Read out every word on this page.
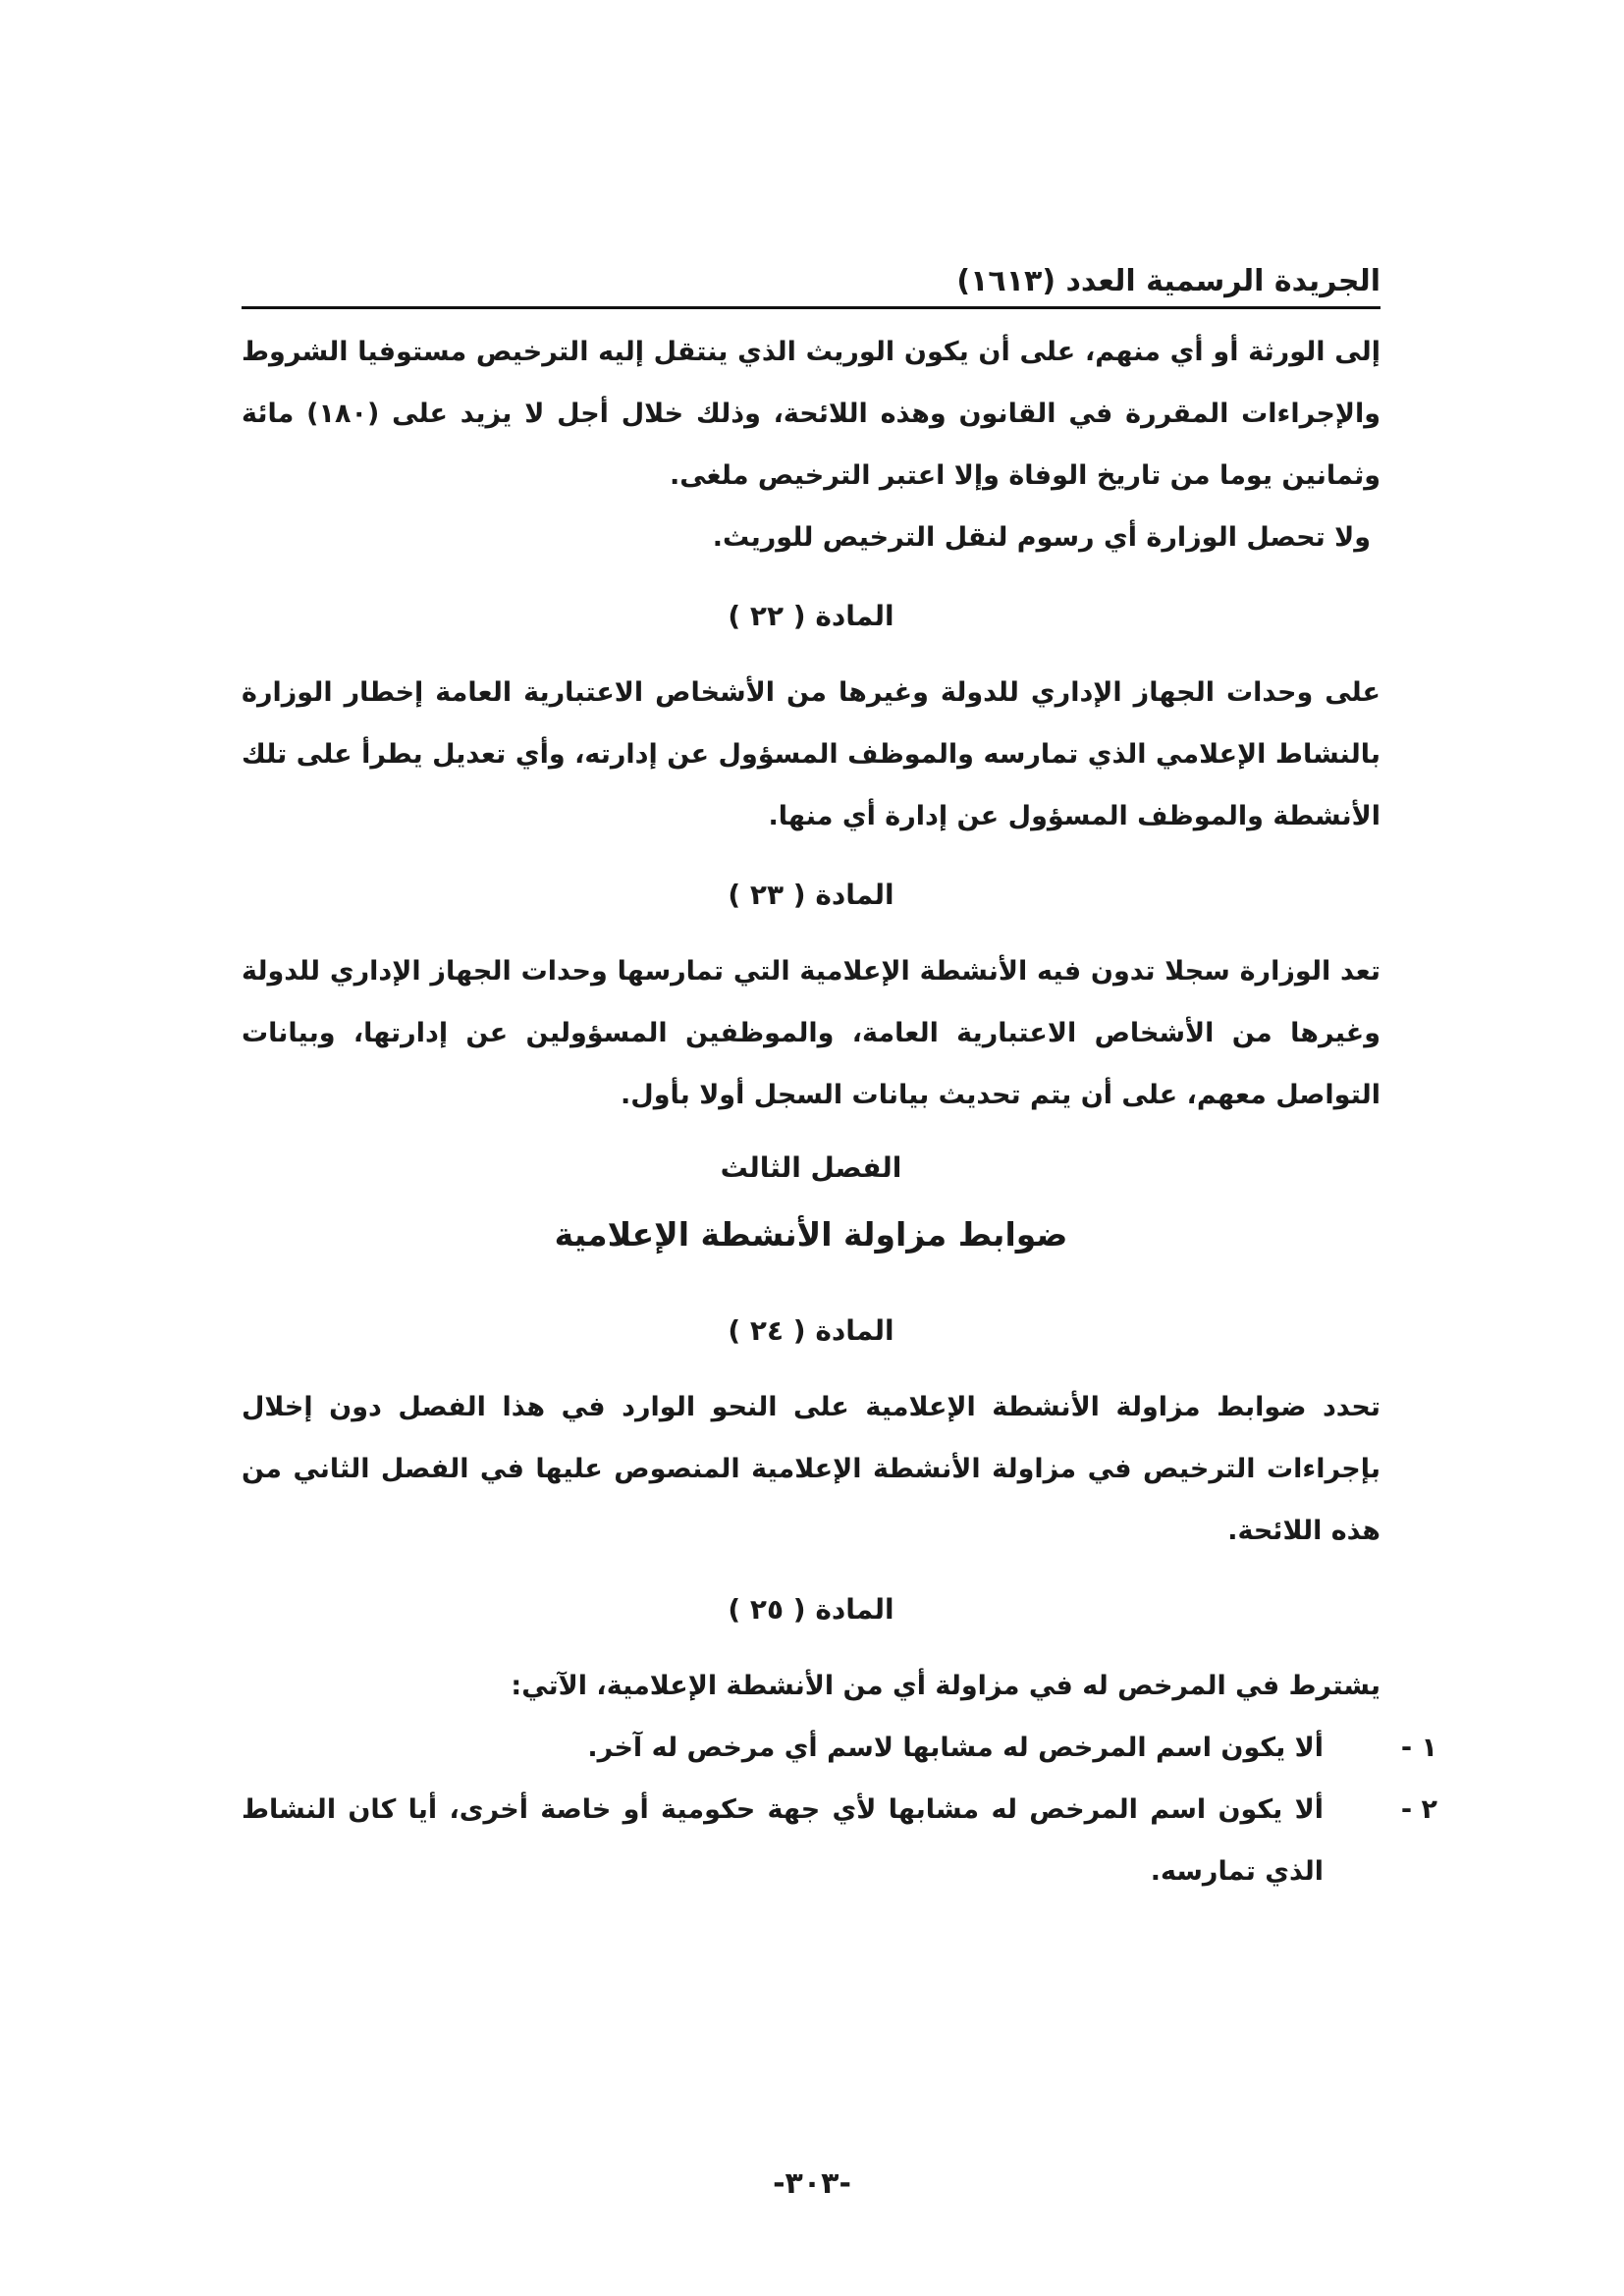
الجريدة الرسمية العدد (١٦١٣)

إلى الورثة أو أي منهم، على أن يكون الوريث الذي ينتقل إليه الترخيص مستوفيا الشروط والإجراءات المقررة في القانون وهذه اللائحة، وذلك خلال أجل لا يزيد على (١٨٠) مائة وثمانين يوما من تاريخ الوفاة وإلا اعتبر الترخيص ملغى.

ولا تحصل الوزارة أي رسوم لنقل الترخيص للوريث.

المادة ( ٢٢ )

على وحدات الجهاز الإداري للدولة وغيرها من الأشخاص الاعتبارية العامة إخطار الوزارة بالنشاط الإعلامي الذي تمارسه والموظف المسؤول عن إدارته، وأي تعديل يطرأ على تلك الأنشطة والموظف المسؤول عن إدارة أي منها.

المادة ( ٢٣ )

تعد الوزارة سجلا تدون فيه الأنشطة الإعلامية التي تمارسها وحدات الجهاز الإداري للدولة وغيرها من الأشخاص الاعتبارية العامة، والموظفين المسؤولين عن إدارتها، وبيانات التواصل معهم، على أن يتم تحديث بيانات السجل أولا بأول.

الفصل الثالث
ضوابط مزاولة الأنشطة الإعلامية
المادة ( ٢٤ )

تحدد ضوابط مزاولة الأنشطة الإعلامية على النحو الوارد في هذا الفصل دون إخلال بإجراءات الترخيص في مزاولة الأنشطة الإعلامية المنصوص عليها في الفصل الثاني من هذه اللائحة.

المادة ( ٢٥ )

يشترط في المرخص له في مزاولة أي من الأنشطة الإعلامية، الآتي:

١ -ألا يكون اسم المرخص له مشابها لاسم أي مرخص له آخر.

٢ -ألا يكون اسم المرخص له مشابها لأي جهة حكومية أو خاصة أخرى، أيا كان النشاط الذي تمارسه.

-٣٠٣-
